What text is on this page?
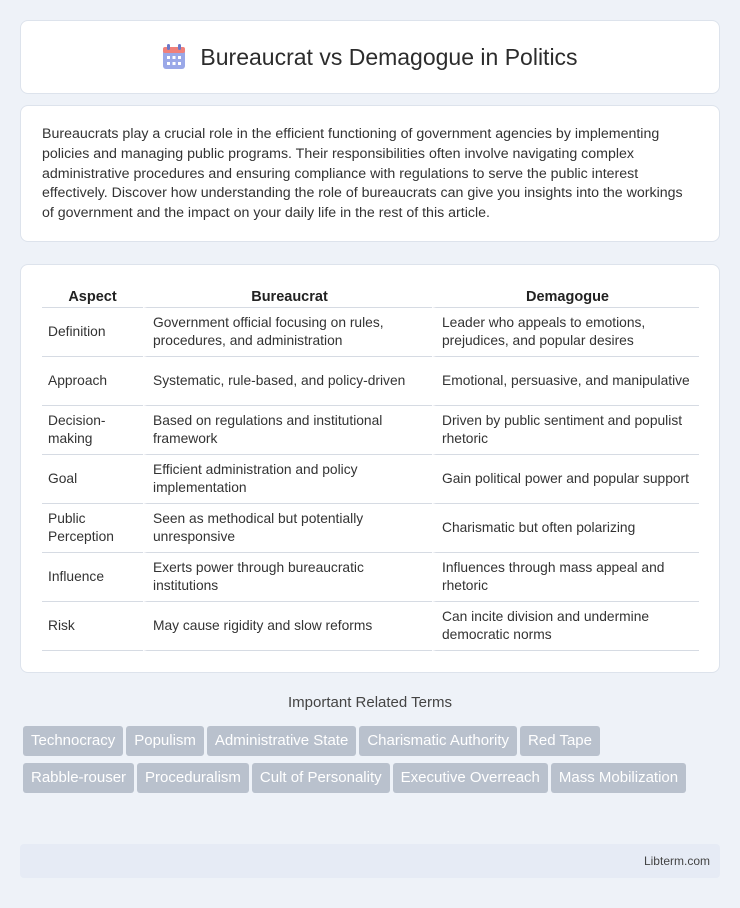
Bureaucrat vs Demagogue in Politics

Bureaucrats play a crucial role in the efficient functioning of government agencies by implementing policies and managing public programs. Their responsibilities often involve navigating complex administrative procedures and ensuring compliance with regulations to serve the public interest effectively. Discover how understanding the role of bureaucrats can give you insights into the workings of government and the impact on your daily life in the rest of this article.

Aspect	Bureaucrat	Demagogue
Definition	Government official focusing on rules, procedures, and administration	Leader who appeals to emotions, prejudices, and popular desires
Approach	Systematic, rule-based, and policy-driven	Emotional, persuasive, and manipulative
Decision-making	Based on regulations and institutional framework	Driven by public sentiment and populist rhetoric
Goal	Efficient administration and policy implementation	Gain political power and popular support
Public Perception	Seen as methodical but potentially unresponsive	Charismatic but often polarizing
Influence	Exerts power through bureaucratic institutions	Influences through mass appeal and rhetoric
Risk	May cause rigidity and slow reforms	Can incite division and undermine democratic norms
Important Related Terms
Technocracy Populism Administrative State Charismatic Authority Red TapeRabble-rouser Proceduralism Cult of Personality Executive Overreach Mass Mobilization
Libterm.com
